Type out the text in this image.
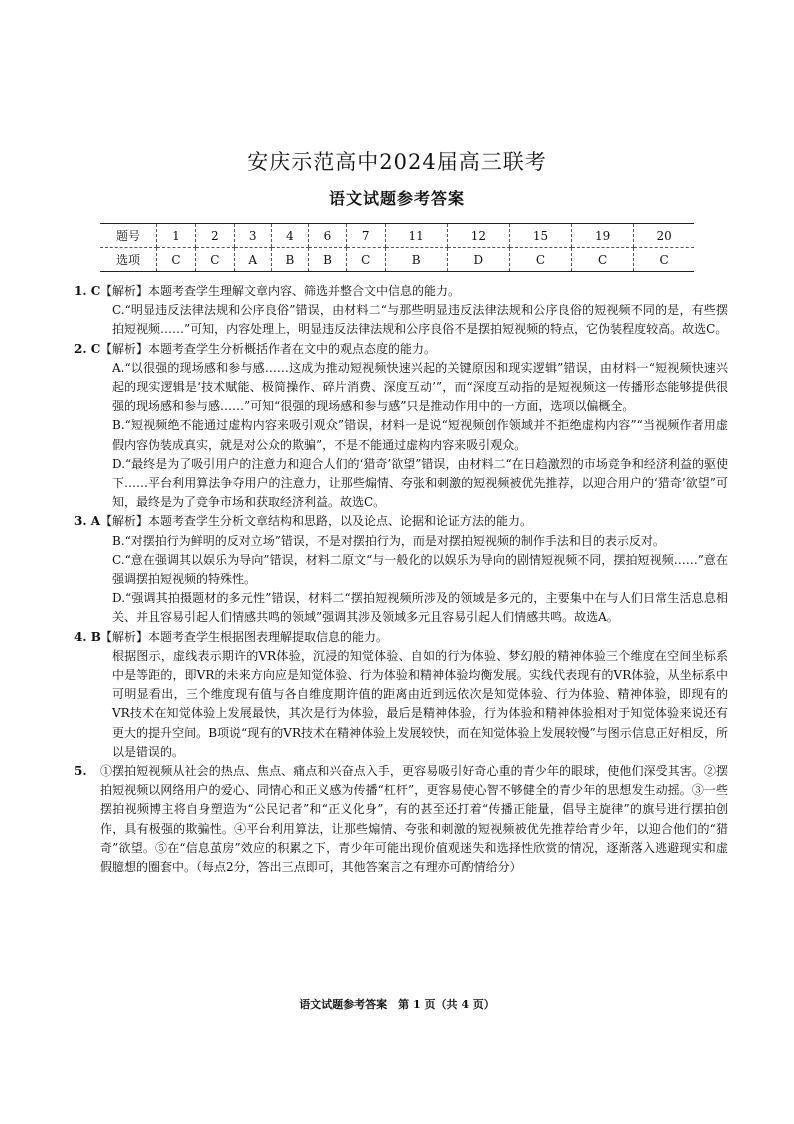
安庆示范高中2024届高三联考
语文试题参考答案
题号	1	2	3	4	6	7	11	12	15	19	20
选项	C	C	A	B	B	C	B	D	C	C	C
1. C 【解析】本题考查学生理解文章内容、筛选并整合文中信息的能力。

C.“明显违反法律法规和公序良俗”错误，由材料二“与那些明显违反法律法规和公序良俗的短视频不同的是，有些摆拍短视频……”可知，内容处理上，明显违反法律法规和公序良俗不是摆拍短视频的特点，它伪装程度较高。故选C。

2. C 【解析】本题考查学生分析概括作者在文中的观点态度的能力。

A.“以很强的现场感和参与感……这成为推动短视频快速兴起的关键原因和现实逻辑”错误，由材料一“短视频快速兴起的现实逻辑是‘技术赋能、极简操作、碎片消费、深度互动’”，而“深度互动指的是短视频这一传播形态能够提供很强的现场感和参与感……”可知“很强的现场感和参与感”只是推动作用中的一方面，选项以偏概全。

B.“短视频绝不能通过虚构内容来吸引观众”错误，材料一是说“短视频创作领域并不拒绝虚构内容”“当视频作者用虚假内容伪装成真实，就是对公众的欺骗”，不是不能通过虚构内容来吸引观众。

D.“最终是为了吸引用户的注意力和迎合人们的‘猎奇’欲望”错误，由材料二“在日趋激烈的市场竞争和经济利益的驱使下……平台利用算法争夺用户的注意力，让那些煽情、夸张和刺激的短视频被优先推荐，以迎合用户的‘猎奇’欲望”可知，最终是为了竞争市场和获取经济利益。故选C。

3. A 【解析】本题考查学生分析文章结构和思路，以及论点、论据和论证方法的能力。

B.“对摆拍行为鲜明的反对立场”错误，不是对摆拍行为，而是对摆拍短视频的制作手法和目的表示反对。

C.“意在强调其以娱乐为导向”错误，材料二原文“与一般化的以娱乐为导向的剧情短视频不同，摆拍短视频……”意在强调摆拍短视频的特殊性。

D.“强调其拍摄题材的多元性”错误，材料二“摆拍短视频所涉及的领域是多元的，主要集中在与人们日常生活息息相关、并且容易引起人们情感共鸣的领域”强调其涉及领域多元且容易引起人们情感共鸣。故选A。

4. B 【解析】本题考查学生根据图表理解提取信息的能力。

根据图示，虚线表示期许的VR体验，沉浸的知觉体验、自如的行为体验、梦幻般的精神体验三个维度在空间坐标系中是等距的，即VR的未来方向应是知觉体验、行为体验和精神体验均衡发展。实线代表现有的VR体验，从坐标系中可明显看出，三个维度现有值与各自维度期许值的距离由近到远依次是知觉体验、行为体验、精神体验，即现有的VR技术在知觉体验上发展最快，其次是行为体验，最后是精神体验，行为体验和精神体验相对于知觉体验来说还有更大的提升空间。B项说“现有的VR技术在精神体验上发展较快，而在知觉体验上发展较慢”与图示信息正好相反，所以是错误的。

5. ①摆拍短视频从社会的热点、焦点、痛点和兴奋点入手，更容易吸引好奇心重的青少年的眼球，使他们深受其害。②摆拍短视频以网络用户的爱心、同情心和正义感为传播“杠杆”，更容易使心智不够健全的青少年的思想发生动摇。③一些摆拍视频博主将自身塑造为“公民记者”和“正义化身”，有的甚至还打着“传播正能量，倡导主旋律”的旗号进行摆拍创作，具有极强的欺骗性。④平台利用算法，让那些煽情、夸张和刺激的短视频被优先推荐给青少年，以迎合他们的“猎奇”欲望。⑤在“信息茧房”效应的积累之下，青少年可能出现价值观迷失和选择性欣赏的情况，逐渐落入逃避现实和虚假臆想的圈套中。（每点2分，答出三点即可，其他答案言之有理亦可酌情给分）

语文试题参考答案　第 1 页（共 4 页）
